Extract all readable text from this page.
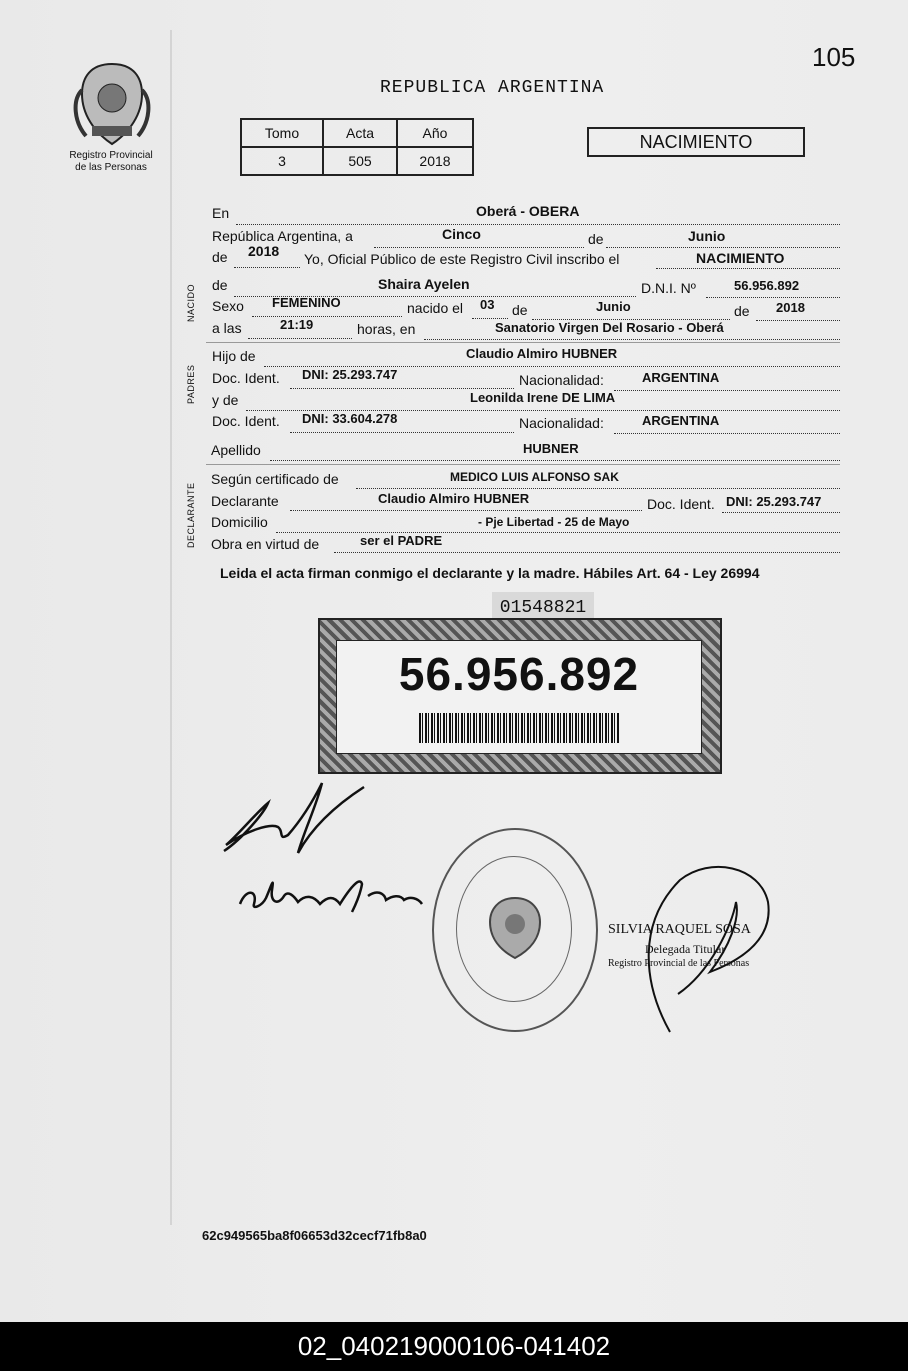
105
Registro Provincial
de las Personas
REPUBLICA ARGENTINA
Tomo	Acta	Año
3	505	2018
NACIMIENTO
NACIDO
PADRES
DECLARANTE
En	Oberá - OBERA
República Argentina, a	Cinco	de	Junio
de 2018 Yo, Oficial Público de este Registro Civil inscribo el	NACIMIENTO
de	Shaira Ayelen	D.N.I. Nº	56.956.892
Sexo FEMENINO	nacido el 03 de	Junio	de 2018
a las	21:19	horas, en	Sanatorio Virgen Del Rosario - Oberá
Hijo de	Claudio Almiro HUBNER
Doc. Ident. DNI: 25.293.747	Nacionalidad:	ARGENTINA
y de	Leonilda Irene DE LIMA
Doc. Ident. DNI: 33.604.278	Nacionalidad:	ARGENTINA
Apellido	HUBNER
Según certificado de	MEDICO LUIS ALFONSO SAK
Declarante	Claudio Almiro HUBNER	Doc. Ident. DNI: 25.293.747
Domicilio	- Pje Libertad - 25 de Mayo
Obra en virtud de	ser el PADRE
Leida el acta firman conmigo el declarante y la madre. Hábiles Art. 64 - Ley 26994
01548821
56.956.892
SILVIA RAQUEL SOSA
Delegada Titular
Registro Provincial de las Personas
62c949565ba8f06653d32cecf71fb8a0
02_040219000106-041402
